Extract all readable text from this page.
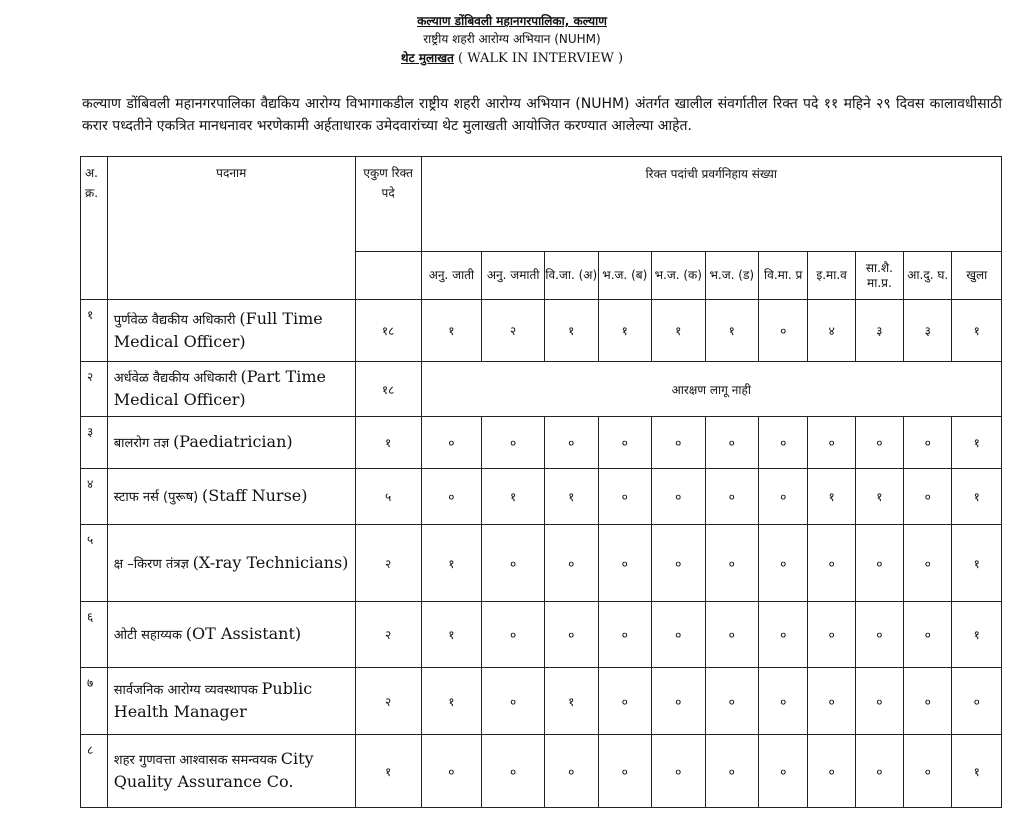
कल्याण डोंबिवली महानगरपालिका, कल्याण
राष्ट्रीय शहरी आरोग्य अभियान (NUHM)
थेट मुलाखत ( WALK IN INTERVIEW )
कल्याण डोंबिवली महानगरपालिका वैद्यकिय आरोग्य विभागाकडील राष्ट्रीय शहरी आरोग्य अभियान (NUHM) अंतर्गत खालील संवर्गातील रिक्त पदे ११ महिने २९ दिवस कालावधीसाठी करार पध्दतीने एकत्रित मानधनावर भरणेकामी अर्हताधारक उमेदवारांच्या थेट मुलाखती आयोजित करण्यात आलेल्या आहेत.
अ. क्र.	पदनाम	एकुण रिक्त पदे	रिक्त पदांची प्रवर्गनिहाय संख्या										
			अनु. जाती	अनु. जमाती	वि.जा. (अ)	भ.ज. (ब)	भ.ज. (क)	भ.ज. (ड)	वि.मा. प्र	इ.मा.व	सा.शै. मा.प्र.	आ.दु. घ.	खुला
१	पुर्णवेळ वैद्यकीय अधिकारी (Full Time Medical Officer)	१८	१	२	१	१	१	१	०	४	३	३	१
२	अर्धवेळ वैद्यकीय अधिकारी (Part Time Medical Officer)	१८	आरक्षण लागू नाही										
३	बालरोग तज्ञ (Paediatrician)	१	०	०	०	०	०	०	०	०	०	०	१
४	स्टाफ नर्स (पुरूष) (Staff Nurse)	५	०	१	१	०	०	०	०	१	१	०	१
५	क्ष –किरण तंत्रज्ञ (X-ray Technicians)	२	१	०	०	०	०	०	०	०	०	०	१
६	ओटी सहाय्यक (OT Assistant)	२	१	०	०	०	०	०	०	०	०	०	१
७	सार्वजनिक आरोग्य व्यवस्थापक Public Health Manager	२	१	०	१	०	०	०	०	०	०	०	०
८	शहर गुणवत्ता आश्वासक समन्वयक City Quality Assurance Co.	१	०	०	०	०	०	०	०	०	०	०	१
